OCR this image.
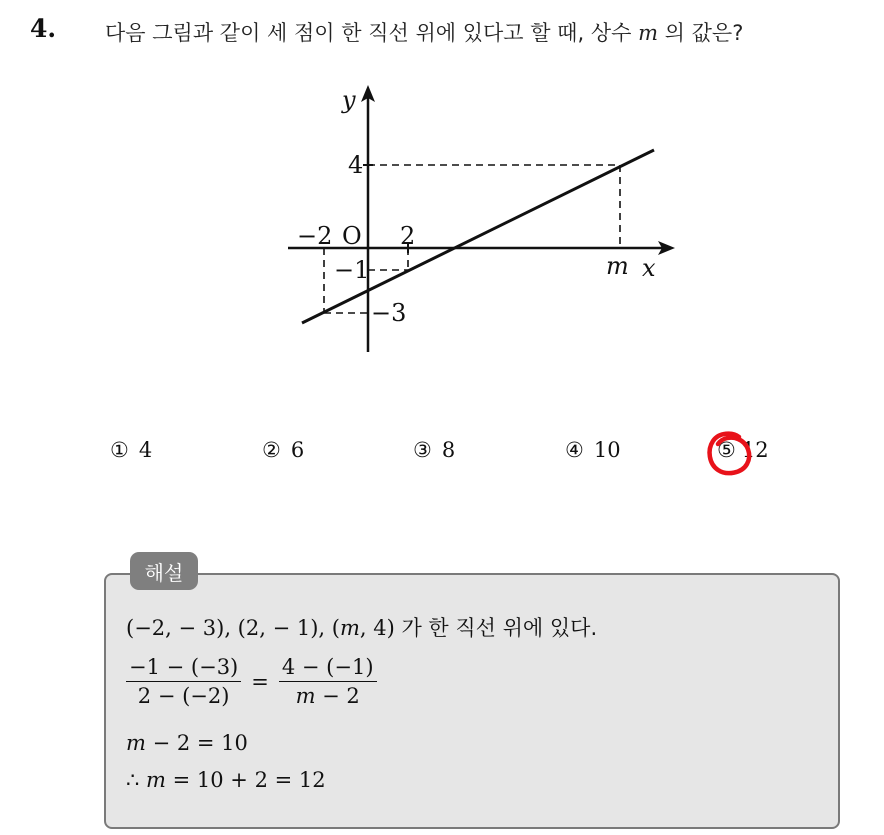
4. 다음 그림과 같이 세 점이 한 직선 위에 있다고 할 때, 상수 m 의 값은?
y
x
O
−2	2
m
4
−1
−3
① 4	② 6	③ 8	④ 10	⑤ 12
해설
(−2, − 3), (2, − 1), (m, 4) 가 한 직선 위에 있다.
$\frac{-1 - (-3)}{2 - (-2)} = \frac{4 - (-1)}{m - 2}$
m − 2 = 10
∴ m = 10 + 2 = 12
